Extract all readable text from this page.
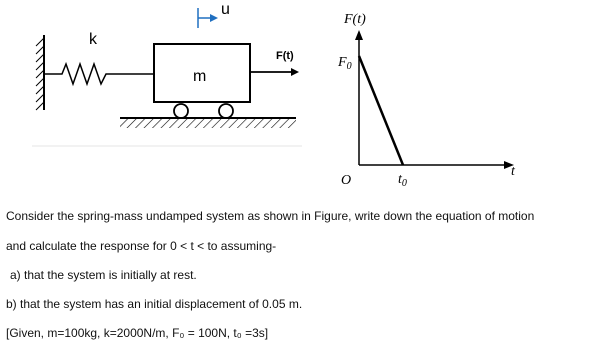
k
m
u
F(t)
F(t)
$F_0$
O	$t_0$
t

Consider the spring-mass undamped system as shown in Figure, write down the equation of motion

and calculate the response for 0 < t < to assuming-

a) that the system is initially at rest.

b) that the system has an initial displacement of 0.05 m.

[Given, m=100kg, k=2000N/m, F₀ = 100N, t₀ =3s]
